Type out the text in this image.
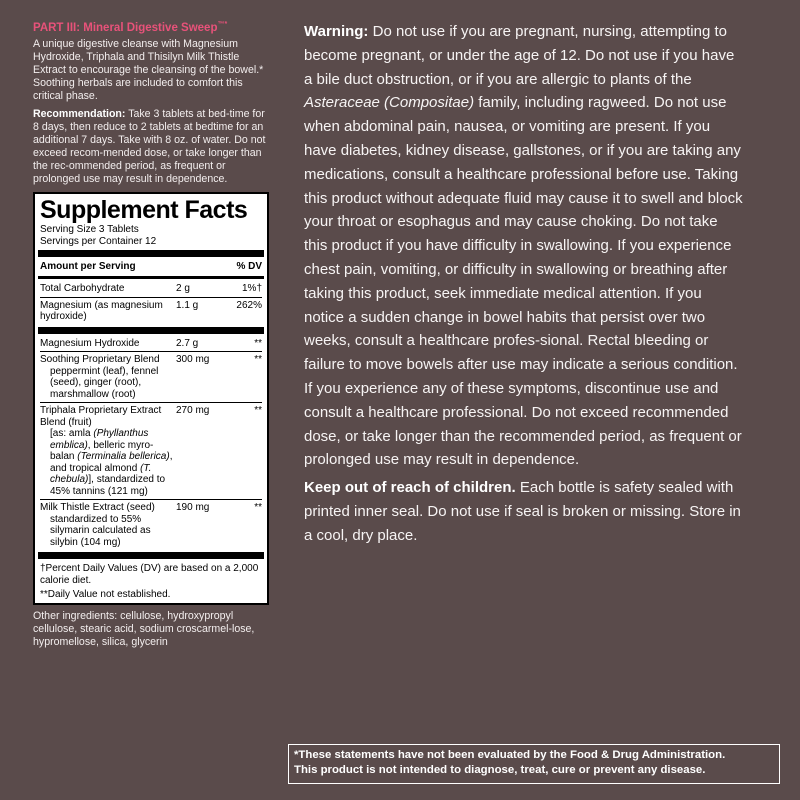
PART III: Mineral Digestive Sweep™*

A unique digestive cleanse with Magnesium Hydroxide, Triphala and Thisilyn Milk Thistle Extract to encourage the cleansing of the bowel.* Soothing herbals are included to comfort this critical phase.

Recommendation: Take 3 tablets at bed-time for 8 days, then reduce to 2 tablets at bedtime for an additional 7 days. Take with 8 oz. of water. Do not exceed recom-mended dose, or take longer than the rec-ommended period, as frequent or prolonged use may result in dependence.

Supplement Facts
Serving Size 3 Tablets
Servings per Container 12
Amount per Serving	% DV
Total Carbohydrate	2 g	1%†
Magnesium (as magnesium hydroxide)
1.1 g	262%
Magnesium Hydroxide	2.7 g	**
Soothing Proprietary Blend
peppermint (leaf), fennel (seed), ginger (root), marshmallow (root)
300 mg	**
Triphala Proprietary Extract Blend (fruit)
[as: amla (Phyllanthus emblica), belleric myro-balan (Terminalia bellerica), and tropical almond (T. chebula)], standardized to 45% tannins (121 mg)
270 mg	**
Milk Thistle Extract (seed)
standardized to 55% silymarin calculated as silybin (104 mg)
190 mg	**
†Percent Daily Values (DV) are based on a 2,000 calorie diet.
**Daily Value not established.
Other ingredients: cellulose, hydroxypropyl cellulose, stearic acid, sodium croscarmel-lose, hypromellose, silica, glycerin

Warning: Do not use if you are pregnant, nursing, attempting to become pregnant, or under the age of 12. Do not use if you have a bile duct obstruction, or if you are allergic to plants of the Asteraceae (Compositae) family, including ragweed. Do not use when abdominal pain, nausea, or vomiting are present. If you have diabetes, kidney disease, gallstones, or if you are taking any medications, consult a healthcare professional before use. Taking this product without adequate fluid may cause it to swell and block your throat or esophagus and may cause choking. Do not take this product if you have difficulty in swallowing. If you experience chest pain, vomiting, or difficulty in swallowing or breathing after taking this product, seek immediate medical attention. If you notice a sudden change in bowel habits that persist over two weeks, consult a healthcare profes-sional. Rectal bleeding or failure to move bowels after use may indicate a serious condition. If you experience any of these symptoms, discontinue use and consult a healthcare professional. Do not exceed recommended dose, or take longer than the recommended period, as frequent or prolonged use may result in dependence.

Keep out of reach of children. Each bottle is safety sealed with printed inner seal. Do not use if seal is broken or missing. Store in a cool, dry place.

*These statements have not been evaluated by the Food & Drug Administration.
This product is not intended to diagnose, treat, cure or prevent any disease.
